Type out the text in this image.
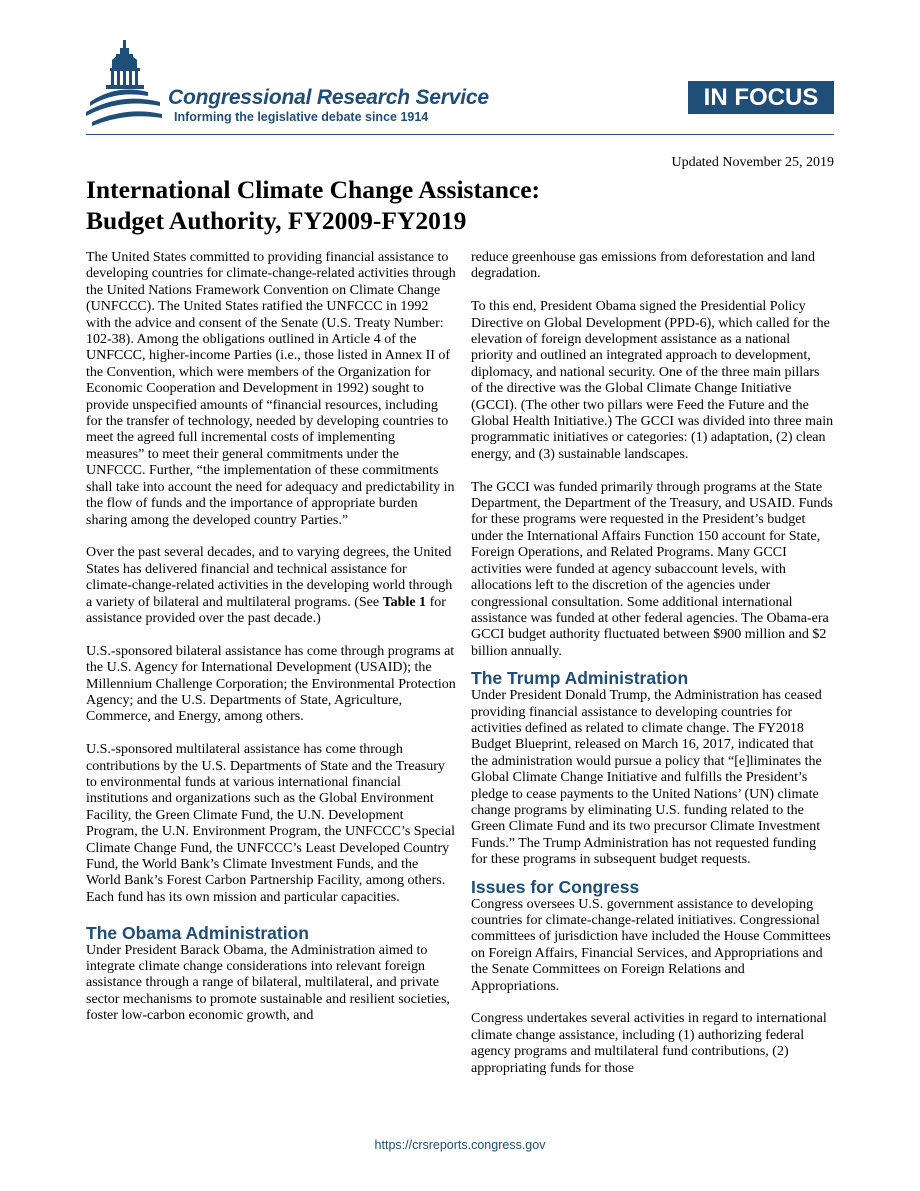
Congressional Research Service
Informing the legislative debate since 1914
IN FOCUS
Updated November 25, 2019
International Climate Change Assistance:
Budget Authority, FY2009-FY2019

The United States committed to providing financial assistance to developing countries for climate-change-related activities through the United Nations Framework Convention on Climate Change (UNFCCC). The United States ratified the UNFCCC in 1992 with the advice and consent of the Senate (U.S. Treaty Number: 102-38). Among the obligations outlined in Article 4 of the UNFCCC, higher-income Parties (i.e., those listed in Annex II of the Convention, which were members of the Organization for Economic Cooperation and Development in 1992) sought to provide unspecified amounts of “financial resources, including for the transfer of technology, needed by developing countries to meet the agreed full incremental costs of implementing measures” to meet their general commitments under the UNFCCC. Further, “the implementation of these commitments shall take into account the need for adequacy and predictability in the flow of funds and the importance of appropriate burden sharing among the developed country Parties.”

Over the past several decades, and to varying degrees, the United States has delivered financial and technical assistance for climate-change-related activities in the developing world through a variety of bilateral and multilateral programs. (See Table 1 for assistance provided over the past decade.)

U.S.-sponsored bilateral assistance has come through programs at the U.S. Agency for International Development (USAID); the Millennium Challenge Corporation; the Environmental Protection Agency; and the U.S. Departments of State, Agriculture, Commerce, and Energy, among others.

U.S.-sponsored multilateral assistance has come through contributions by the U.S. Departments of State and the Treasury to environmental funds at various international financial institutions and organizations such as the Global Environment Facility, the Green Climate Fund, the U.N. Development Program, the U.N. Environment Program, the UNFCCC’s Special Climate Change Fund, the UNFCCC’s Least Developed Country Fund, the World Bank’s Climate Investment Funds, and the World Bank’s Forest Carbon Partnership Facility, among others. Each fund has its own mission and particular capacities.

The Obama Administration

Under President Barack Obama, the Administration aimed to integrate climate change considerations into relevant foreign assistance through a range of bilateral, multilateral, and private sector mechanisms to promote sustainable and resilient societies, foster low-carbon economic growth, and

reduce greenhouse gas emissions from deforestation and land degradation.

To this end, President Obama signed the Presidential Policy Directive on Global Development (PPD-6), which called for the elevation of foreign development assistance as a national priority and outlined an integrated approach to development, diplomacy, and national security. One of the three main pillars of the directive was the Global Climate Change Initiative (GCCI). (The other two pillars were Feed the Future and the Global Health Initiative.) The GCCI was divided into three main programmatic initiatives or categories: (1) adaptation, (2) clean energy, and (3) sustainable landscapes.

The GCCI was funded primarily through programs at the State Department, the Department of the Treasury, and USAID. Funds for these programs were requested in the President’s budget under the International Affairs Function 150 account for State, Foreign Operations, and Related Programs. Many GCCI activities were funded at agency subaccount levels, with allocations left to the discretion of the agencies under congressional consultation. Some additional international assistance was funded at other federal agencies. The Obama-era GCCI budget authority fluctuated between $900 million and $2 billion annually.

The Trump Administration

Under President Donald Trump, the Administration has ceased providing financial assistance to developing countries for activities defined as related to climate change. The FY2018 Budget Blueprint, released on March 16, 2017, indicated that the administration would pursue a policy that “[e]liminates the Global Climate Change Initiative and fulfills the President’s pledge to cease payments to the United Nations’ (UN) climate change programs by eliminating U.S. funding related to the Green Climate Fund and its two precursor Climate Investment Funds.” The Trump Administration has not requested funding for these programs in subsequent budget requests.

Issues for Congress

Congress oversees U.S. government assistance to developing countries for climate-change-related initiatives. Congressional committees of jurisdiction have included the House Committees on Foreign Affairs, Financial Services, and Appropriations and the Senate Committees on Foreign Relations and Appropriations.

Congress undertakes several activities in regard to international climate change assistance, including (1) authorizing federal agency programs and multilateral fund contributions, (2) appropriating funds for those

https://crsreports.congress.gov
